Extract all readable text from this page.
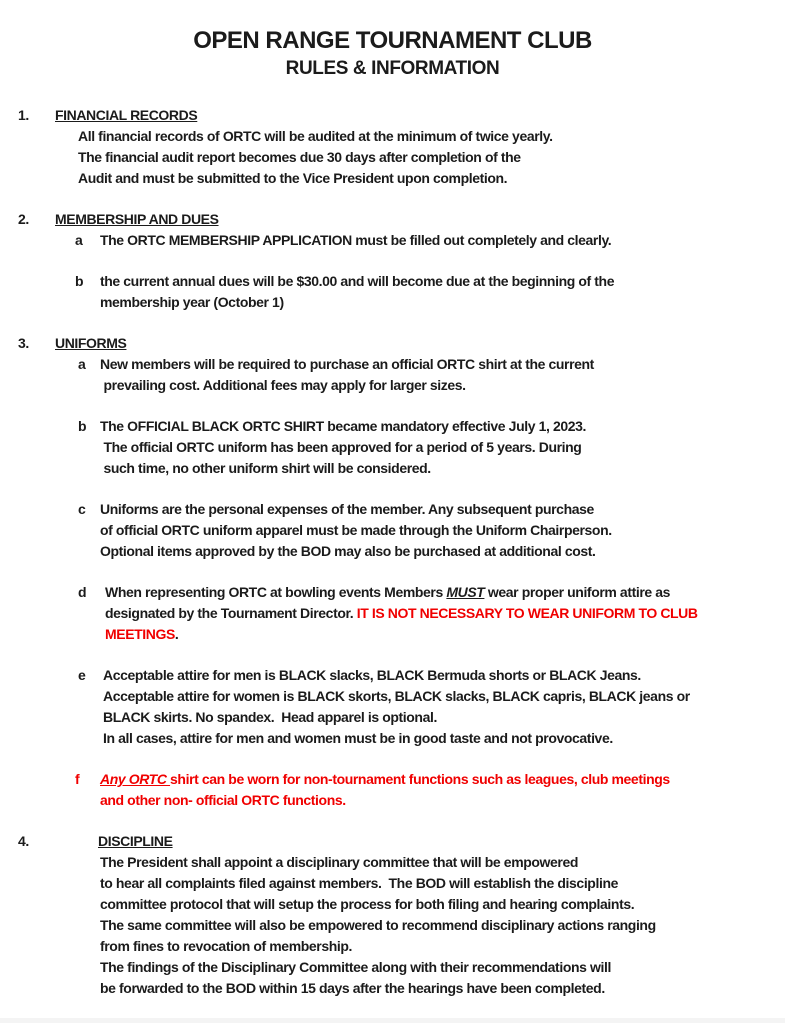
OPEN RANGE TOURNAMENT CLUB
RULES & INFORMATION
1. FINANCIAL RECORDS
All financial records of ORTC will be audited at the minimum of twice yearly.
The financial audit report becomes due 30 days after completion of the
Audit and must be submitted to the Vice President upon completion.
2. MEMBERSHIP AND DUES
a The ORTC MEMBERSHIP APPLICATION must be filled out completely and clearly.
b the current annual dues will be $30.00 and will become due at the beginning of the
membership year (October 1)
3. UNIFORMS
a New members will be required to purchase an official ORTC shirt at the current
prevailing cost. Additional fees may apply for larger sizes.
b The OFFICIAL BLACK ORTC SHIRT became mandatory effective July 1, 2023.
The official ORTC uniform has been approved for a period of 5 years. During
such time, no other uniform shirt will be considered.
c Uniforms are the personal expenses of the member. Any subsequent purchase
of official ORTC uniform apparel must be made through the Uniform Chairperson.
Optional items approved by the BOD may also be purchased at additional cost.
d When representing ORTC at bowling events Members MUST wear proper uniform attire as
designated by the Tournament Director. IT IS NOT NECESSARY TO WEAR UNIFORM TO CLUB
MEETINGS.
e Acceptable attire for men is BLACK slacks, BLACK Bermuda shorts or BLACK Jeans.
Acceptable attire for women is BLACK skorts, BLACK slacks, BLACK capris, BLACK jeans or
BLACK skirts. No spandex.  Head apparel is optional.
In all cases, attire for men and women must be in good taste and not provocative.
f Any ORTC shirt can be worn for non-tournament functions such as leagues, club meetings
and other non- official ORTC functions.
4.	DISCIPLINE
The President shall appoint a disciplinary committee that will be empowered
to hear all complaints filed against members.  The BOD will establish the discipline
committee protocol that will setup the process for both filing and hearing complaints.
The same committee will also be empowered to recommend disciplinary actions ranging
from fines to revocation of membership.
The findings of the Disciplinary Committee along with their recommendations will
be forwarded to the BOD within 15 days after the hearings have been completed.
